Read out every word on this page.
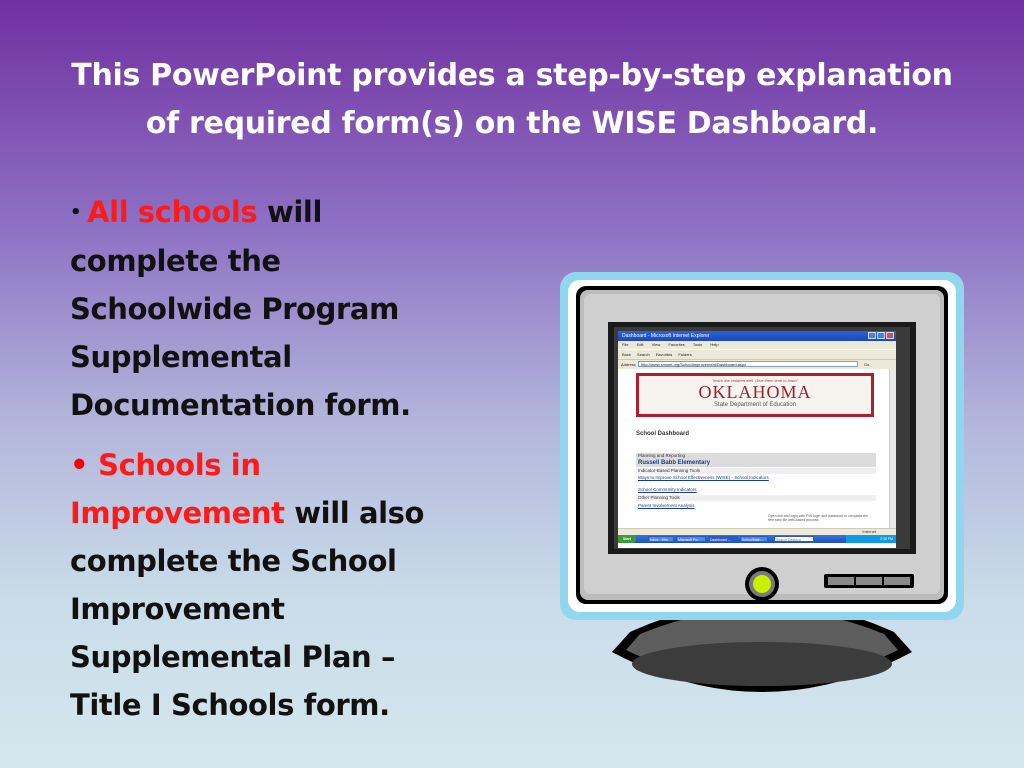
This PowerPoint provides a step-by-step explanation of required form(s) on the WISE Dashboard.
• All schools will complete the Schoolwide Program Supplemental Documentation form.
• Schools in Improvement will also complete the School Improvement Supplemental Plan – Title I Schools form.
Dashboard - Microsoft Internet Explorer
File Edit View Favorites Tools Help
Back Search Favorites Folders
Address	http://www.sminet.org/SchoolImprovement/Dashboard.aspx	Go
"teach the children well. Give them time to learn"
OKLAHOMA
State Department of Education
School Dashboard
Planning and Reporting
Russell Babb Elementary
Indicator-Based Planning Tools
Ways to Improve School Effectiveness (WISE) - School Indicators
School Community Indicators
Other Planning Tools
Parent Involvement Analysis
Open link and login with PIN login and password to complete the free step file web-based process
Internet
Start	Inbox - Micr...	Microsoft Po...	Dashboard -...	SchoolMain...	Search Desktop	2:38 PM
